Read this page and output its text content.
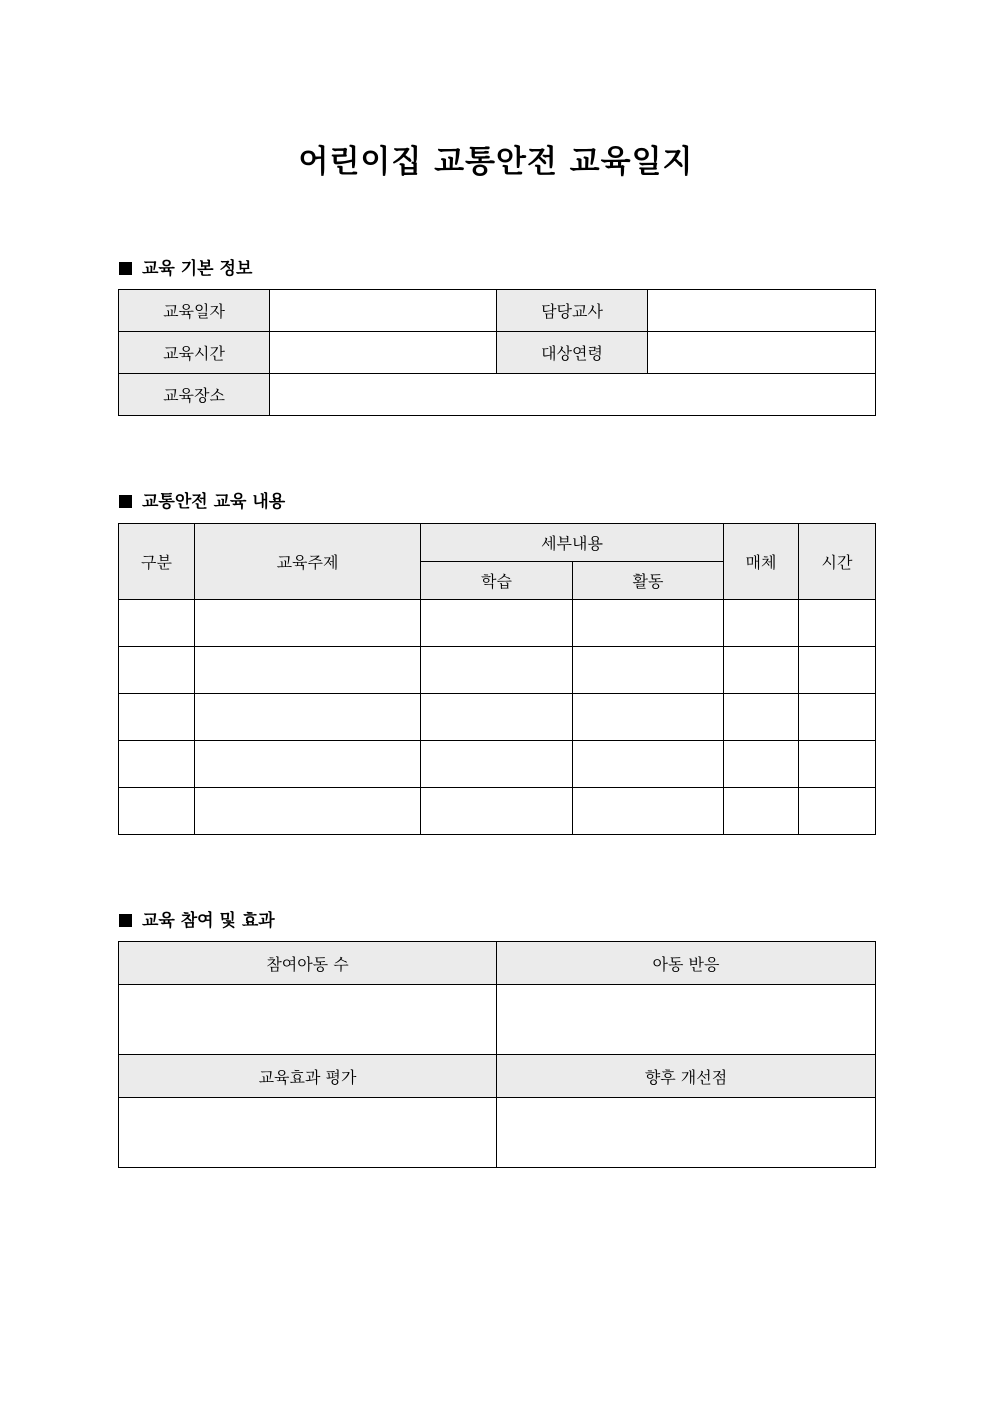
어린이집 교통안전 교육일지
교육 기본 정보
교육일자		담당교사	
교육시간		대상연령	
교육장소			
교통안전 교육 내용
구분	교육주제	세부내용		매체	시간
		학습	활동		

교육 참여 및 효과
참여아동 수	아동 반응

교육효과 평가	향후 개선점
